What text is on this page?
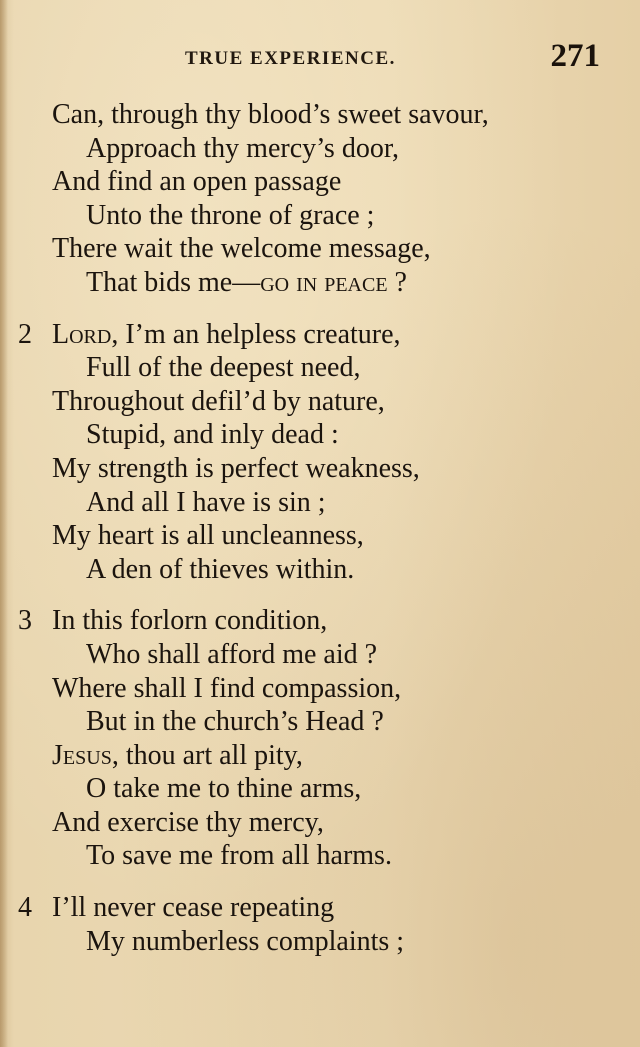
TRUE EXPERIENCE.	271
Can, through thy blood’s sweet savour,
Approach thy mercy’s door,
And find an open passage
Unto the throne of grace ;
There wait the welcome message,
That bids me—go in peace ?
2 Lord, I’m an helpless creature,
Full of the deepest need,
Throughout defil’d by nature,
Stupid, and inly dead :
My strength is perfect weakness,
And all I have is sin ;
My heart is all uncleanness,
A den of thieves within.
3 In this forlorn condition,
Who shall afford me aid ?
Where shall I find compassion,
But in the church’s Head ?
Jesus, thou art all pity,
O take me to thine arms,
And exercise thy mercy,
To save me from all harms.
4 I’ll never cease repeating
My numberless complaints ;
